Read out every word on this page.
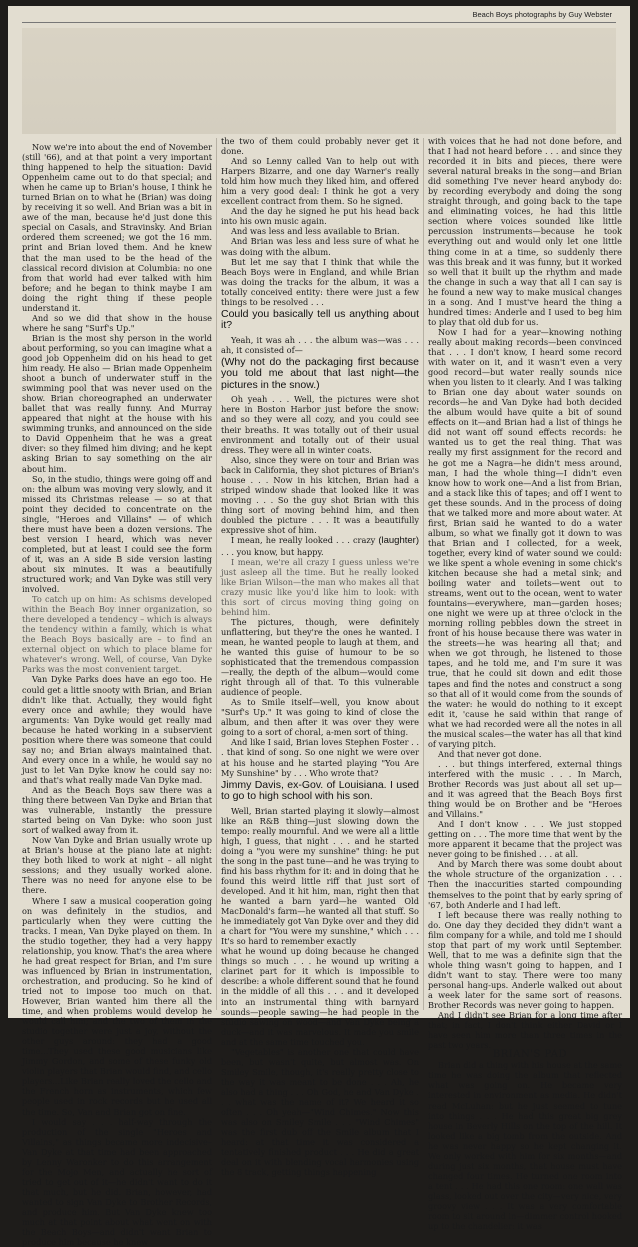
Beach Boys photographs by Guy Webster

Now we're into about the end of November (still '66), and at that point a very important thing happened to help the situation: David Oppenheim came out to do that special; and when he came up to Brian's house, I think he turned Brian on to what he (Brian) was doing by receiving it so well. And Brian was a bit in awe of the man, because he'd just done this special on Casals, and Stravinsky. And Brian ordered them screened; we got the 16 mm. print and Brian loved them. And he knew that the man used to be the head of the classical record division at Columbia: no one from that world had ever talked with him before; and he began to think maybe I am doing the right thing if these people understand it.

And so we did that show in the house where he sang "Surf's Up."

Brian is the most shy person in the world about performing, so you can imagine what a good job Oppenheim did on his head to get him ready. He also — Brian made Oppenheim shoot a bunch of underwater stuff in the swimming pool that was never used on the show. Brian choreographed an underwater ballet that was really funny. And Murray appeared that night at the house with his swimming trunks, and announced on the side to David Oppenheim that he was a great diver: so they filmed him diving; and he kept asking Brian to say something on the air about him.

So, in the studio, things were going off and on: the album was moving very slowly, and it missed its Christmas release — so at that point they decided to concentrate on the single, "Heroes and Villains" — of which there must have been a dozen versions. The best version I heard, which was never completed, but at least I could see the form of it, was an A side B side version lasting about six minutes. It was a beautifully structured work; and Van Dyke was still very involved.

To catch up on him: As schisms developed within the Beach Boy inner organization, so there developed a tendency – which is always the tendency within a family, which is what the Beach Boys basically are – to find an external object on which to place blame for whatever's wrong. Well, of course, Van Dyke Parks was the most convenient target.

Van Dyke Parks does have an ego too. He could get a little snooty with Brian, and Brian didn't like that. Actually, they would fight every once and awhile; they would have arguments: Van Dyke would get really mad because he hated working in a subservient position where there was someone that could say no; and Brian always maintained that. And every once in a while, he would say no just to let Van Dyke know he could say no: and that's what really made Van Dyke mad.

And as the Beach Boys saw there was a thing there between Van Dyke and Brian that was vulnerable, instantly the pressure started being on Van Dyke: who soon just sort of walked away from it.

Now Van Dyke and Brian usually wrote up at Brian's house at the piano late at night: they both liked to work at night – all night sessions; and they usually worked alone. There was no need for anyone else to be there.

Where I saw a musical cooperation going on was definitely in the studios, and particularly when they were cutting the tracks. I mean, Van Dyke played on them. In the studio together, they had a very happy relationship, you know. That's the area where he had great respect for Brian, and I'm sure was influenced by Brian in instrumentation, orchestration, and producing. So he kind of tried not to impose too much on that. However, Brian wanted him there all the time, and when problems would develop he would call him; and the two of them in the studio together were just a joy, without the other guys around: they had a good time...They used these good musicians like Jimmy Gordon, and some of these funky old violin players that Brian would find, and cello players...Like Brian really loved the cello and the French horn as instruments, which few people used in rock records but he used all the time. So, Van and Brian got on fine.

I would say . . . half-way through the production of the single "Heroes and Villains," as things became more indecisive– Van Dyke at that time had been approached by Lenny Waronker to do this arrangement for the Mojo Men, and actually he sort of tried to get out of it—he didn't want to do it that much, but he did. Brian, however, had wanted to sign Van Dyke to Brother Records, and produce him. But Van Dyke knew too much at that point about what went on with the Beach Boys—and didn't want Brian to produce him because he knew

the two of them could probably never get it done.

And so Lenny called Van to help out with Harpers Bizarre, and one day Warner's really told him how much they liked him, and offered him a very good deal: I think he got a very excellent contract from them. So he signed.

And the day he signed he put his head back into his own music again.

And was less and less available to Brian.

And Brian was less and less sure of what he was doing with the album.

But let me say that I think that while the Beach Boys were in England, and while Brian was doing the tracks for the album, it was a totally conceived entity: there were just a few things to be resolved . . .

Could you basically tell us anything about it?

Yeah, it was ah . . . the album was—was . . . ah, it consisted of—

(Why not do the packaging first because you told me about that last night—the pictures in the snow.)

Oh yeah . . . Well, the pictures were shot here in Boston Harbor just before the snow: and so they were all cozy, and you could see their breaths. It was totally out of their usual environment and totally out of their usual dress. They were all in winter coats.

Also, since they were on tour and Brian was back in California, they shot pictures of Brian's house . . . Now in his kitchen, Brian had a striped window shade that looked like it was moving . . . So the guy shot Brian with this thing sort of moving behind him, and then doubled the picture . . . It was a beautifully expressive shot of him.

I mean, he really looked . . . crazy (laughter) . . . you know, but happy.

I mean, we're all crazy I guess unless we're just asleep all the time. But he really looked like Brian Wilson—the man who makes all that crazy music like you'd like him to look: with this sort of circus moving thing going on behind him.

The pictures, though, were definitely unflattering, but they're the ones he wanted. I mean, he wanted people to laugh at them, and he wanted this guise of humour to be so sophisticated that the tremendous compassion—really, the depth of the album—would come right through all of that. To this vulnerable audience of people.

As to Smile itself—well, you know about "Surf's Up." It was going to kind of close the album, and then after it was over they were going to a sort of choral, a-men sort of thing.

And like I said, Brian loves Stephen Foster . . . that kind of song. So one night we were over at his house and he started playing "You Are My Sunshine" by . . . Who wrote that?

Jimmy Davis, ex-Gov. of Louisiana. I used to go to high school with his son.

Well, Brian started playing it slowly—almost like an R&B thing—just slowing down the tempo: really mournful. And we were all a little high, I guess, that night . . . and he started doing a "you were my sunshine" thing: he put the song in the past tune—and he was trying to find his bass rhythm for it: and in doing that he found this weird little riff that just sort of developed. And it hit him, man, right then that he wanted a barn yard—he wanted Old MacDonald's farm—he wanted all that stuff. So he immediately got Van Dyke over and they did a chart for "You were my sunshine," which . . . It's so hard to remember exactly

what he wound up doing because he changed things so much . . . he wound up writing a clarinet part for it which is impossible to describe: a whole different sound that he found in the middle of all this . . . and it developed into an instrumental thing with barnyard sounds—people sawing—he had people in the studio sawing on wood—and Van Dyke being a duck—and it was marvelous. It made you smile and at the same time touched you.

"Vegetables" is another one that could have been, but wasn't quite, but almost was. On Smiley Smile, though, it's really pretty close to the way it was meant to be done . . . Ah, he also had a thing . . . Oh God, he and Van Dyke . . . what was the name of it? We heard it so often . . . Oh yeah—"Wind Chimes." Now this was also on Smiley Smile . . . "Wind Chimes" was the first dub off the Smile album that I heard: at that time it was considered a tentatively finished product . . . He did a great deal on it with blending vocal harmonies using the 8 track, getting things happening

with voices that he had not done before, and that I had not heard before . . . and since they recorded it in bits and pieces, there were several natural breaks in the song—and Brian did something I've never heard anybody do: by recording everybody and doing the song straight through, and going back to the tape and eliminating voices, he had this little section where voices sounded like little percussion instruments—because he took everything out and would only let one little thing come in at a time, so suddenly there was this break and it was funny, but it worked so well that it built up the rhythm and made the change in such a way that all I can say is he found a new way to make musical changes in a song. And I must've heard the thing a hundred times: Anderle and I used to beg him to play that old dub for us.

Now I had for a year—knowing nothing really about making records—been convinced that . . . I don't know, I heard some record with water on it, and it wasn't even a very good record—but water really sounds nice when you listen to it clearly. And I was talking to Brian one day about water sounds on records—he and Van Dyke had both decided the album would have quite a bit of sound effects on it—and Brian had a list of things he did not want off sound effects records: he wanted us to get the real thing. That was really my first assignment for the record and he got me a Nagra—he didn't mess around, man, I had the whole thing—I didn't even know how to work one—And a list from Brian, and a stack like this of tapes; and off I went to get these sounds. And in the process of doing that we talked more and more about water. At first, Brian said he wanted to do a water album, so what we finally got it down to was that Brian and I collected, for a week, together, every kind of water sound we could: we like spent a whole evening in some chick's kitchen because she had a metal sink; and boiling water and toilets—went out to streams, went out to the ocean, went to water fountains—everywhere, man—garden hoses; one night we were up at three o'clock in the morning rolling pebbles down the street in front of his house because there was water in the streets—he was hearing all that; and when we got through, he listened to those tapes, and he told me, and I'm sure it was true, that he could sit down and edit those tapes and find the notes and construct a song so that all of it would come from the sounds of the water: he would do nothing to it except edit it, 'cause he said within that range of what we had recorded were all the notes in all the musical scales—the water has all that kind of varying pitch.

And that never got done.

. . . but things interfered, external things interfered with the music . . . In March, Brother Records was just about all set up—and it was agreed that the Beach Boys first thing would be on Brother and be "Heroes and Villains."

And I don't know . . . We just stopped getting on . . . The more time that went by the more apparent it became that the project was never going to be finished . . . at all.

And by March there was some doubt about the whole structure of the organization . . . Then the inaccurities started compounding themselves to the point that by early spring of '67, both Anderle and I had left.

I left because there was really nothing to do. One day they decided they didn't want a film company for a while, and told me I should stop that part of my work until September. Well, that to me was a definite sign that the whole thing wasn't going to happen, and I didn't want to stay. There were too many personal hang-ups. Anderle walked out about a week later for the same sort of reasons. Brother Records was never going to happen.

And I didn't see Brian for a long time after that; in fact, I don't think either David or I have seen him more than three times in the past two years.

BRIAN'S PAD

Brian did a thing with his house at the same time he was doing the album that reflected what was going on. He became very interested in environment as media. He didn't read McLuhan: but he just seemed to tune into things . . . He had this great big grey house in Beverly Hills on the top of the hill. It looked like a big tomb from the outside. And he was never happy so he kept changing it. We only worked with him for six months—and during just six months, that house must have changed four times. He turned one room into a tent . . . He had this one room: one wall was glass, looked out over the city—very nice, very groovy view . . . It was a very comfortable room to sit around in—dimmer control hooked up to the chandelier: it was
